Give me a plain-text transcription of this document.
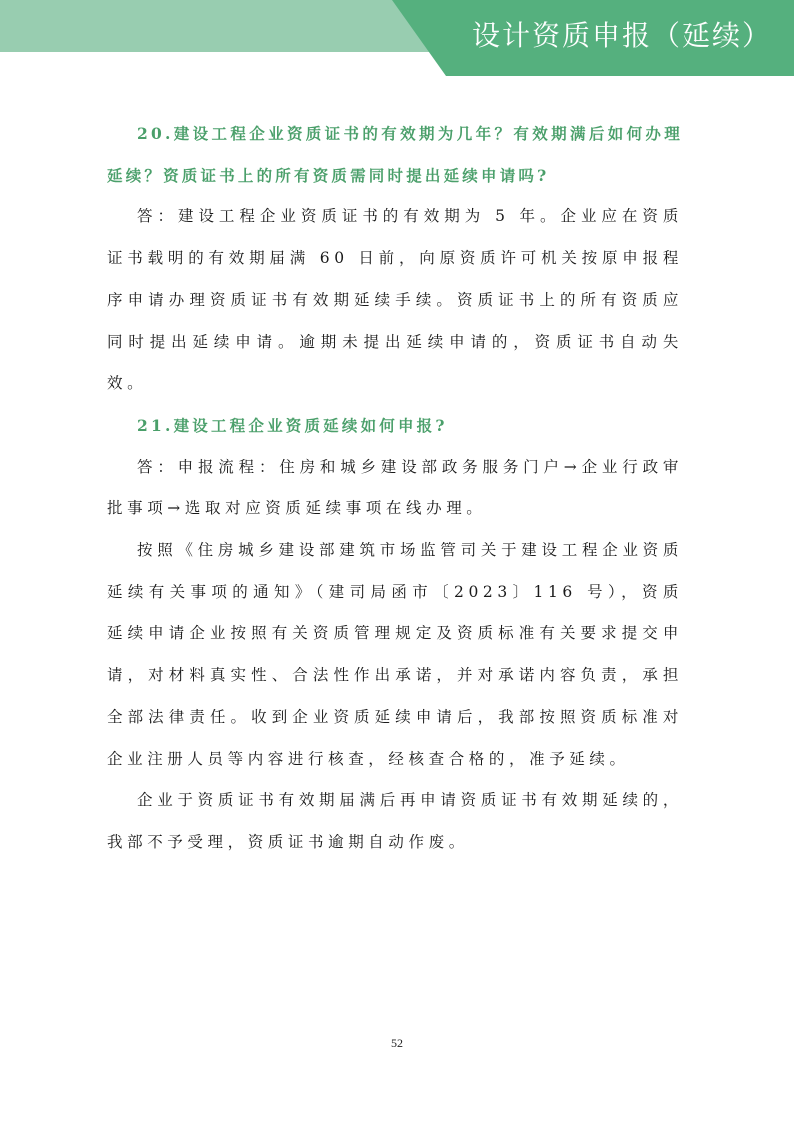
设计资质申报（延续）

20.建设工程企业资质证书的有效期为几年？有效期满后如何办理延续？资质证书上的所有资质需同时提出延续申请吗?

答：建设工程企业资质证书的有效期为 5 年。企业应在资质证书载明的有效期届满 60 日前，向原资质许可机关按原申报程序申请办理资质证书有效期延续手续。资质证书上的所有资质应同时提出延续申请。逾期未提出延续申请的，资质证书自动失效。

21.建设工程企业资质延续如何申报?

答：申报流程：住房和城乡建设部政务服务门户→企业行政审批事项→选取对应资质延续事项在线办理。

按照《住房城乡建设部建筑市场监管司关于建设工程企业资质延续有关事项的通知》（建司局函市〔2023〕116 号），资质延续申请企业按照有关资质管理规定及资质标准有关要求提交申请，对材料真实性、合法性作出承诺，并对承诺内容负责，承担全部法律责任。收到企业资质延续申请后，我部按照资质标准对企业注册人员等内容进行核查，经核查合格的，准予延续。

企业于资质证书有效期届满后再申请资质证书有效期延续的，我部不予受理，资质证书逾期自动作废。

52
